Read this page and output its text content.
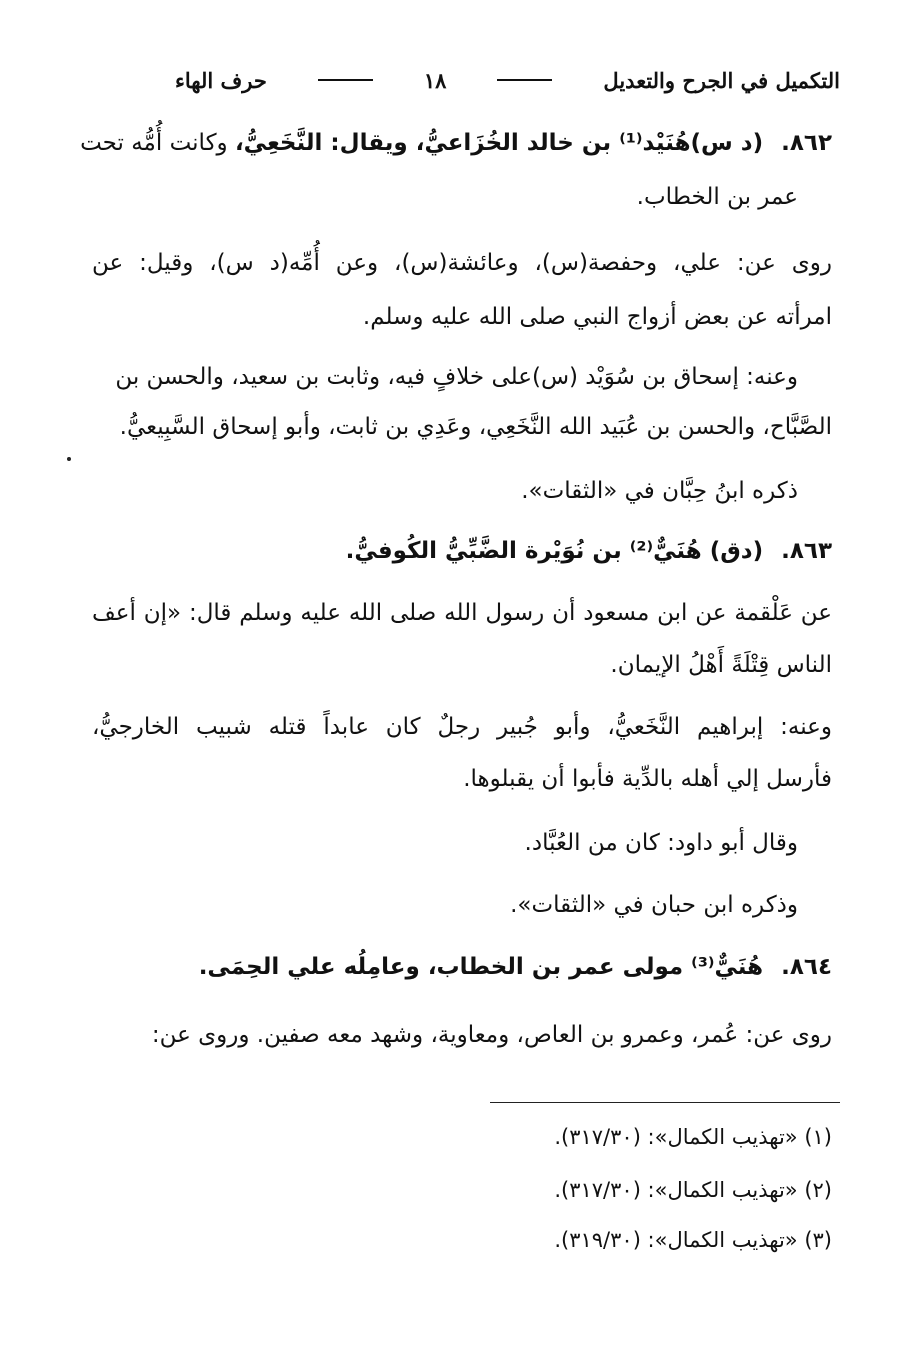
التكميل في الجرح والتعديل
١٨
حرف الهاء
٨٦٢.(د س)هُنَيْد⁽¹⁾ بن خالد الخُزَاعيُّ، ويقال: النَّخَعِيُّ، وكانت أُمُّه تحت
عمر بن الخطاب.
روى عن: علي، وحفصة(س)، وعائشة(س)، وعن أُمِّه(د س)، وقيل: عن
امرأته عن بعض أزواج النبي صلى الله عليه وسلم.
وعنه: إسحاق بن سُوَيْد (س)على خلافٍ فيه، وثابت بن سعيد، والحسن بن
الصَّبَّاح، والحسن بن عُبَيد الله النَّخَعِي، وعَدِي بن ثابت، وأبو إسحاق السَّبِيعيُّ.
ذكره ابنُ حِبَّان في «الثقات».
٨٦٣.(دق) هُنَيٌّ⁽²⁾ بن نُوَيْرة الضَّبِّيُّ الكُوفيُّ.
عن عَلْقمة عن ابن مسعود أن رسول الله صلى الله عليه وسلم قال: «إن أعف
الناس قِتْلَةً أَهْلُ الإيمان.
وعنه: إبراهيم النَّخَعيُّ، وأبو جُبير رجلٌ كان عابداً قتله شبيب الخارجيُّ،
فأرسل إلي أهله بالدِّية فأبوا أن يقبلوها.
وقال أبو داود: كان من العُبَّاد.
وذكره ابن حبان في «الثقات».
٨٦٤.هُنَيٌّ⁽³⁾ مولى عمر بن الخطاب، وعامِلُه علي الحِمَى.
روى عن: عُمر، وعمرو بن العاص، ومعاوية، وشهد معه صفين. وروى عن:
(١) «تهذيب الكمال»: (٣١٧/٣٠).
(٢) «تهذيب الكمال»: (٣١٧/٣٠).
(٣) «تهذيب الكمال»: (٣١٩/٣٠).
